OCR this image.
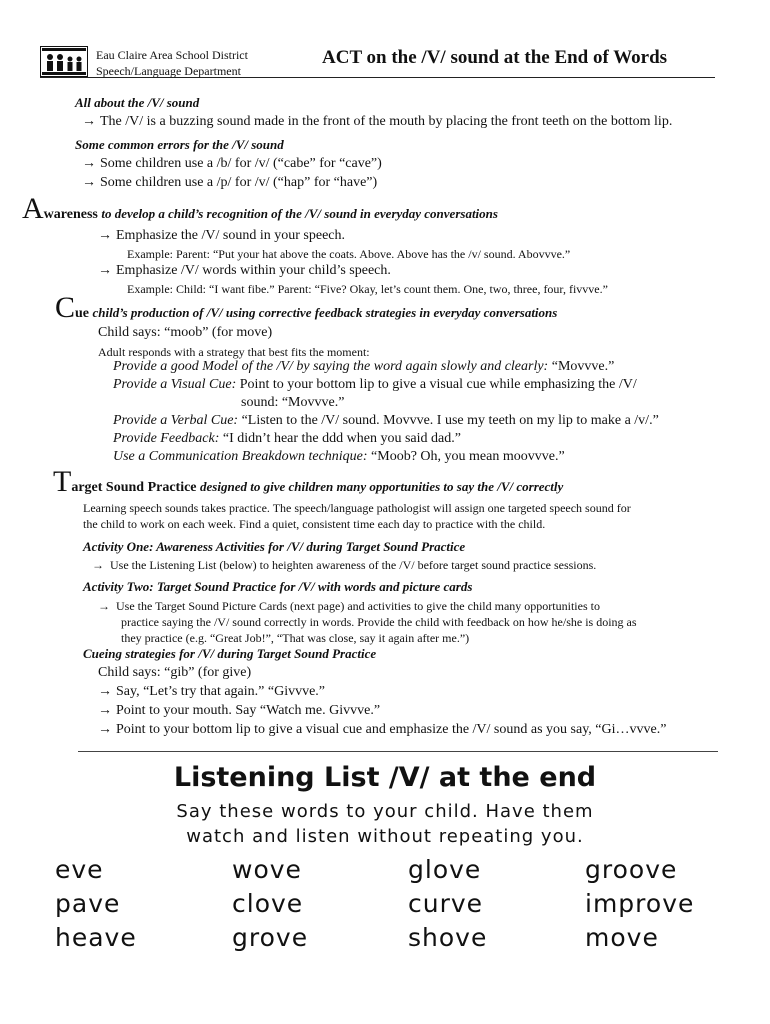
Eau Claire Area School District
Speech/Language Department
ACT on the /V/ sound at the End of Words
All about the /V/ sound
→ The /V/ is a buzzing sound made in the front of the mouth by placing the front teeth on the bottom lip.
Some common errors for the /V/ sound
→ Some children use a /b/ for /v/ (“cabe” for “cave”)
→ Some children use a /p/ for /v/ (“hap” for “have”)
Awareness to develop a child’s recognition of the /V/ sound in everyday conversations
→ Emphasize the /V/ sound in your speech.
Example: Parent: “Put your hat above the coats. Above. Above has the /v/ sound. Abovvve.”
→ Emphasize /V/ words within your child’s speech.
Example: Child: “I want fibe.” Parent: “Five? Okay, let’s count them. One, two, three, four, fivvve.”
Cue child’s production of /V/ using corrective feedback strategies in everyday conversations
Child says: “moob” (for move)
Adult responds with a strategy that best fits the moment:
Provide a good Model of the /V/ by saying the word again slowly and clearly: “Movvve.”
Provide a Visual Cue: Point to your bottom lip to give a visual cue while emphasizing the /V/
sound: “Movvve.”
Provide a Verbal Cue: “Listen to the /V/ sound. Movvve. I use my teeth on my lip to make a /v/.”
Provide Feedback: “I didn’t hear the ddd when you said dad.”
Use a Communication Breakdown technique: “Moob? Oh, you mean moovvve.”
Target Sound Practice designed to give children many opportunities to say the /V/ correctly
Learning speech sounds takes practice. The speech/language pathologist will assign one targeted speech sound for
the child to work on each week. Find a quiet, consistent time each day to practice with the child.
Activity One: Awareness Activities for /V/ during Target Sound Practice
→ Use the Listening List (below) to heighten awareness of the /V/ before target sound practice sessions.
Activity Two: Target Sound Practice for /V/ with words and picture cards
→ Use the Target Sound Picture Cards (next page) and activities to give the child many opportunities to
practice saying the /V/ sound correctly in words. Provide the child with feedback on how he/she is doing as
they practice (e.g. “Great Job!”, “That was close, say it again after me.”)
Cueing strategies for /V/ during Target Sound Practice
Child says: “gib” (for give)
→ Say, “Let’s try that again.” “Givvve.”
→ Point to your mouth. Say “Watch me. Givvve.”
→ Point to your bottom lip to give a visual cue and emphasize the /V/ sound as you say, “Gi…vvve.”
Listening List /V/ at the end
Say these words to your child. Have them
watch and listen without repeating you.
eve
pave
heave
wove
clove
grove
glove
curve
shove
groove
improve
move
